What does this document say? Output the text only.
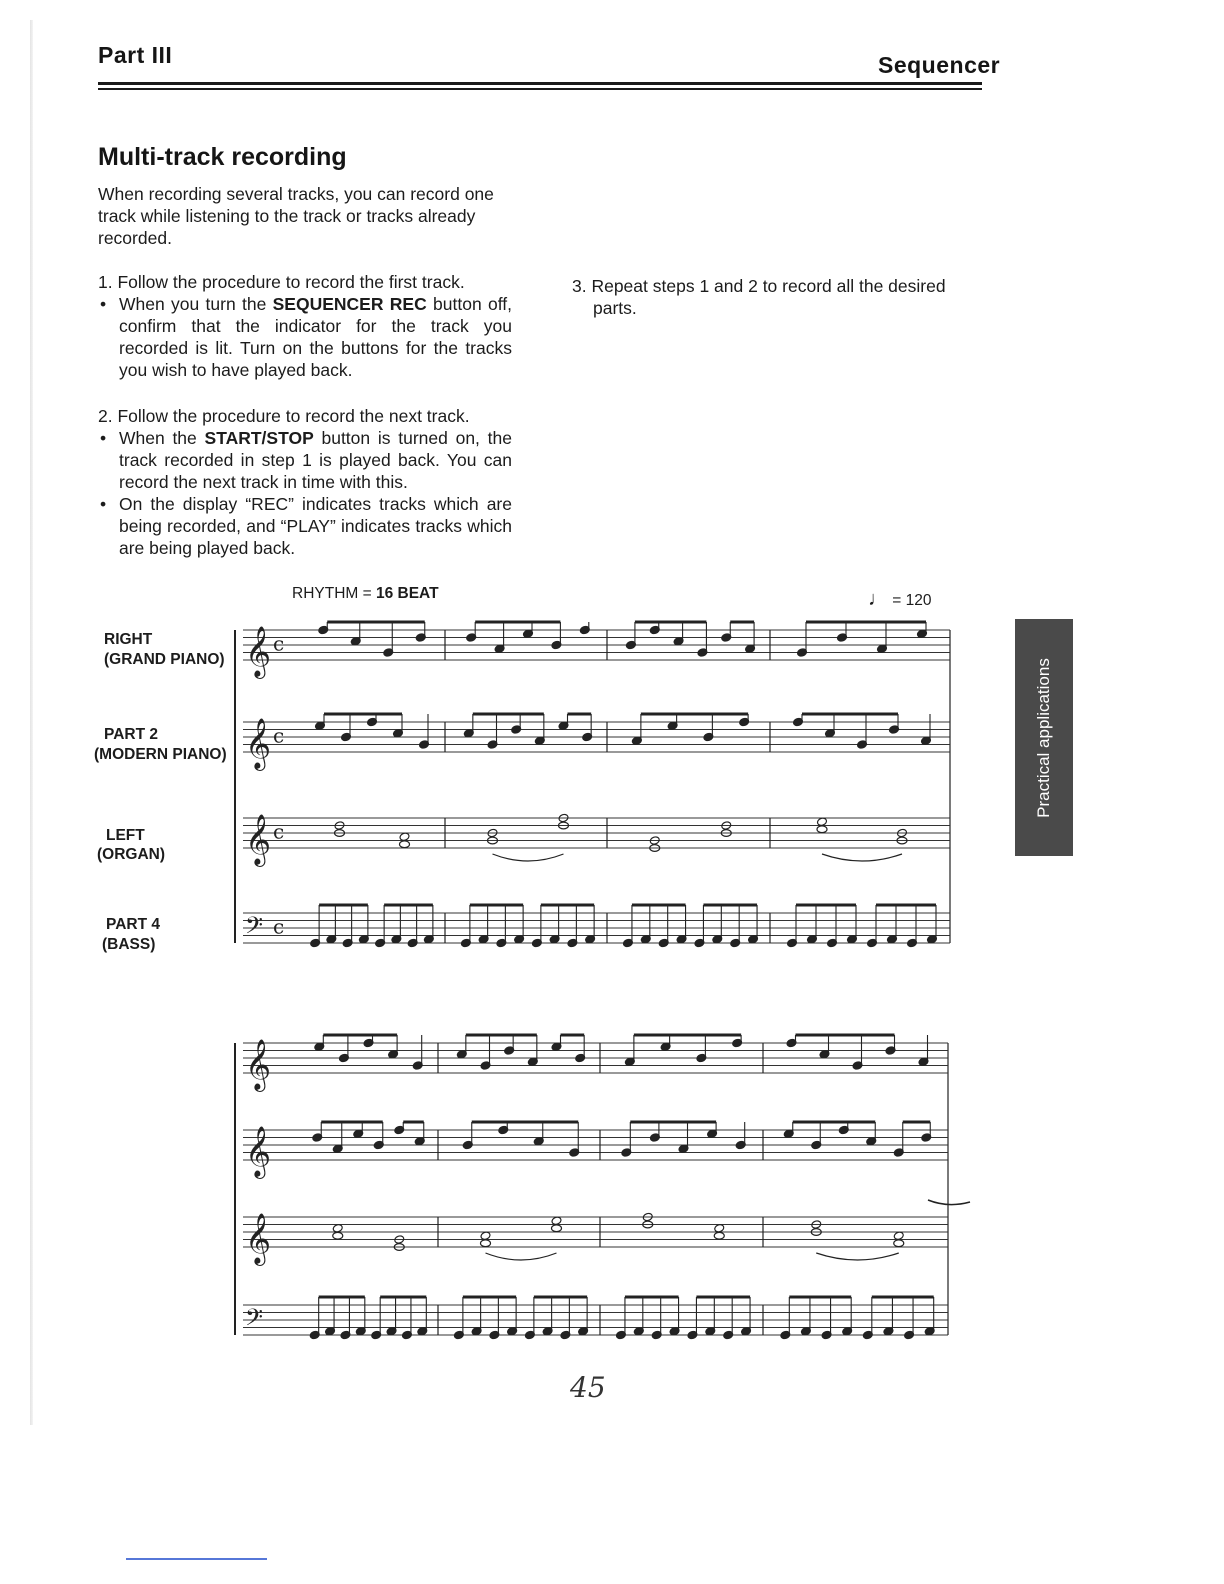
Part III	Sequencer
Multi-track recording
When recording several tracks, you can record one track while listening to the track or tracks already recorded.
1. Follow the procedure to record the first track.
• When you turn the SEQUENCER REC button off, confirm that the indicator for the track you recorded is lit. Turn on the buttons for the tracks you wish to have played back.
2. Follow the procedure to record the next track.
• When the START/STOP button is turned on, the track recorded in step 1 is played back. You can record the next track in time with this.
• On the display “REC” indicates tracks which are being recorded, and “PLAY” indicates tracks which are being played back.
3. Repeat steps 1 and 2 to record all the desired
parts.
Practical applications
RHYTHM = 16 BEAT	♩ = 120
RIGHT
(GRAND PIANO)
PART 2
(MODERN PIANO)
LEFT
(ORGAN)
PART 4
(BASS)
𝄞 c
𝄞 c
𝄞 c
𝄢 c
𝄞
𝄞
𝄞
𝄢
45
